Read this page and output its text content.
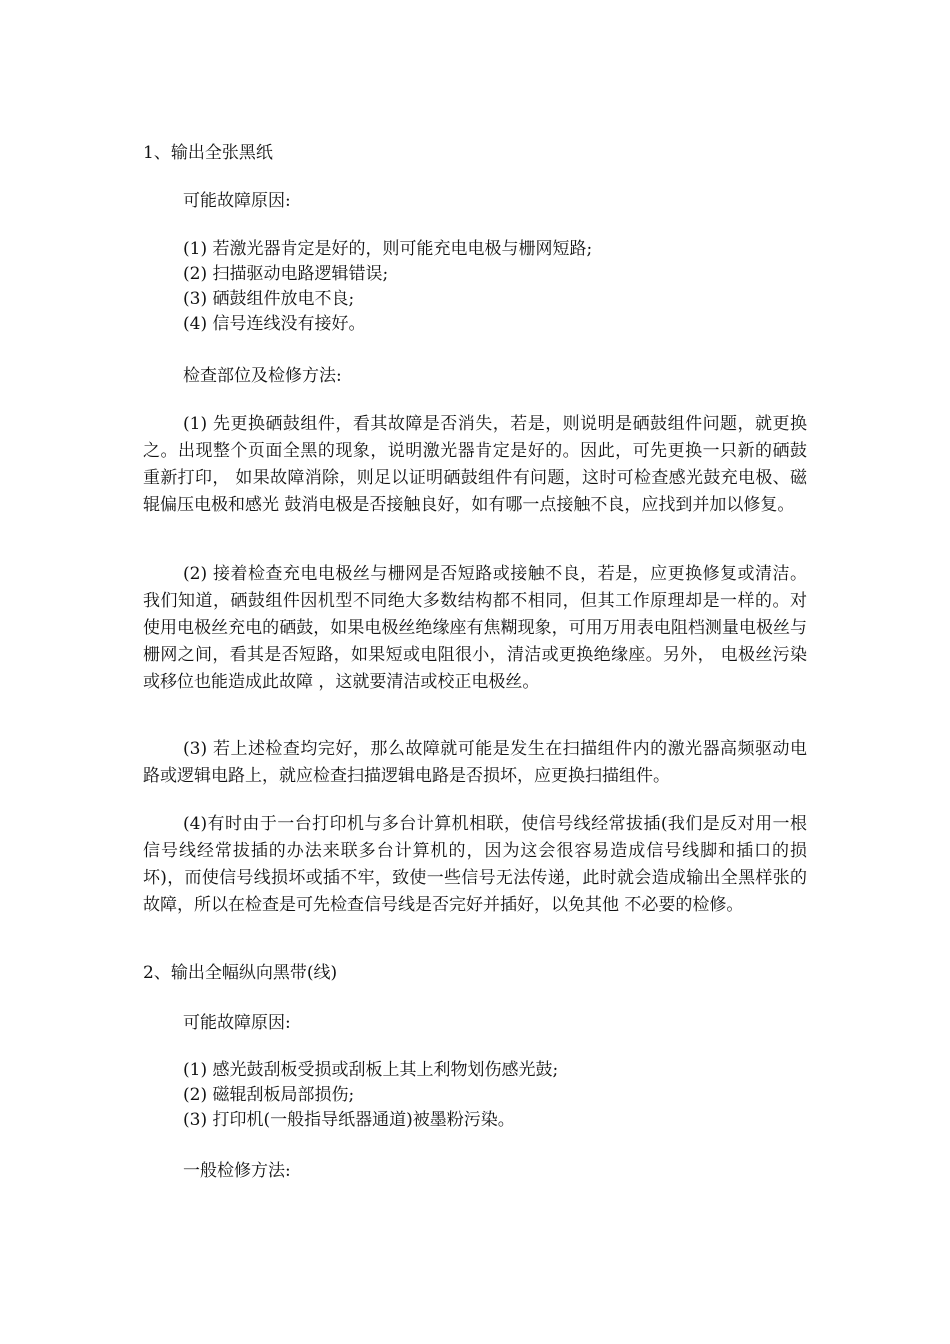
1、输出全张黑纸
可能故障原因:
(1) 若激光器肯定是好的，则可能充电电极与栅网短路;
(2) 扫描驱动电路逻辑错误;
(3) 硒鼓组件放电不良;
(4) 信号连线没有接好。
检查部位及检修方法:

(1) 先更换硒鼓组件，看其故障是否消失，若是，则说明是硒鼓组件问题，就更换之。出现整个页面全黑的现象，说明激光器肯定是好的。因此，可先更换一只新的硒鼓 重新打印， 如果故障消除，则足以证明硒鼓组件有问题，这时可检查感光鼓充电极、磁辊偏压电极和感光 鼓消电极是否接触良好，如有哪一点接触不良，应找到并加以修复。

(2) 接着检查充电电极丝与栅网是否短路或接触不良，若是，应更换修复或清洁。我们知道，硒鼓组件因机型不同绝大多数结构都不相同，但其工作原理却是一样的。对 使用电极丝充电的硒鼓，如果电极丝绝缘座有焦糊现象，可用万用表电阻档测量电极丝与栅网之间，看其是否短路，如果短或电阻很小，清洁或更换绝缘座。另外， 电极丝污染或移位也能造成此故障 ，这就要清洁或校正电极丝。

(3) 若上述检查均完好，那么故障就可能是发生在扫描组件内的激光器高频驱动电路或逻辑电路上，就应检查扫描逻辑电路是否损坏，应更换扫描组件。

(4)有时由于一台打印机与多台计算机相联，使信号线经常拔插(我们是反对用一根信号线经常拔插的办法来联多台计算机的，因为这会很容易造成信号线脚和插口的损坏)，而使信号线损坏或插不牢，致使一些信号无法传递，此时就会造成输出全黑样张的故障，所以在检查是可先检查信号线是否完好并插好，以免其他 不必要的检修。

2、输出全幅纵向黑带(线)
可能故障原因:
(1) 感光鼓刮板受损或刮板上其上利物划伤感光鼓;
(2) 磁辊刮板局部损伤;
(3) 打印机(一般指导纸器通道)被墨粉污染。
一般检修方法:
